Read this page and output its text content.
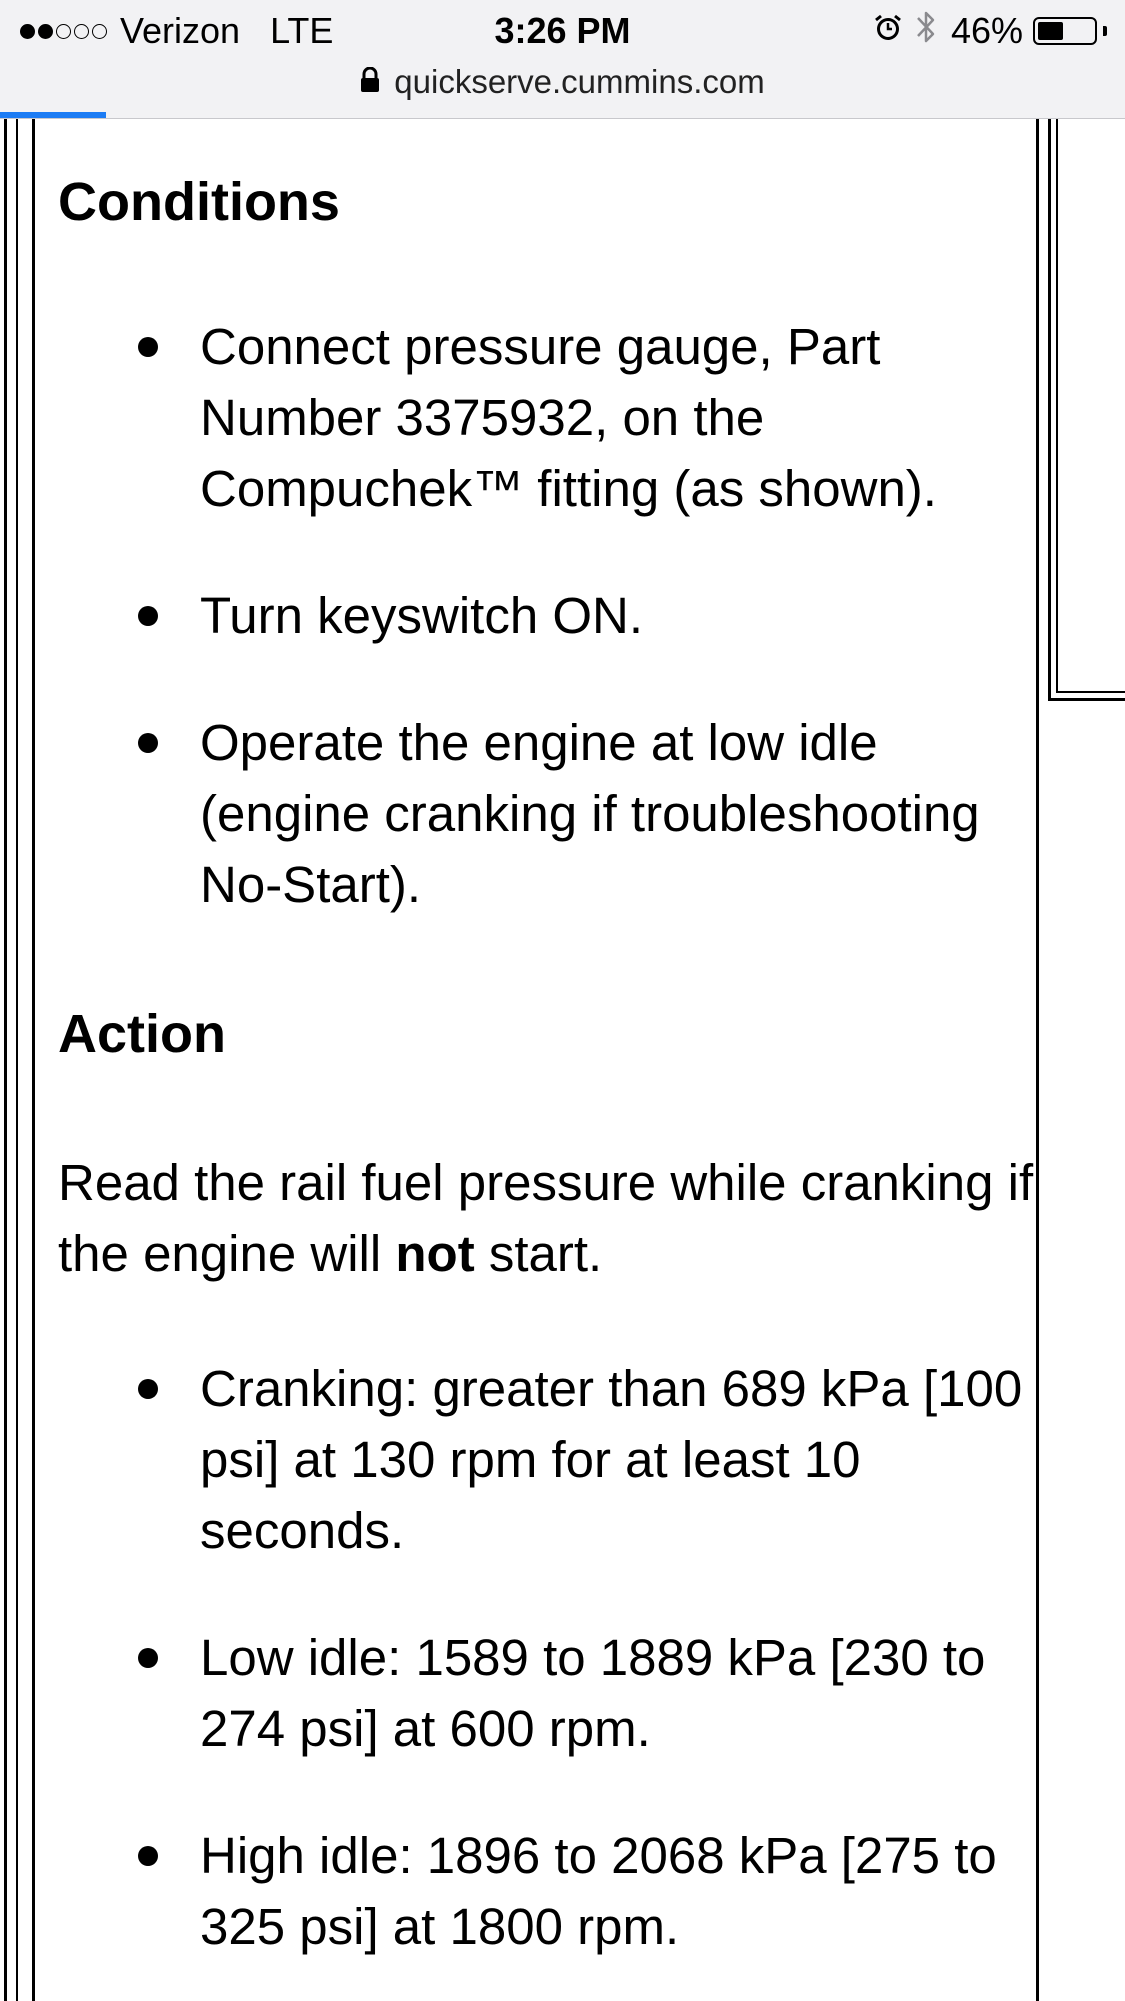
Verizon LTE	3:26 PM	46%
quickserve.cummins.com
Conditions
Connect pressure gauge, Part Number 3375932, on the Compuchek™ fitting (as shown).
Turn keyswitch ON.
Operate the engine at low idle (engine cranking if troubleshooting No-Start).
Action

Read the rail fuel pressure while cranking if the engine will not start.

Cranking: greater than 689 kPa [100 psi] at 130 rpm for at least 10 seconds.
Low idle: 1589 to 1889 kPa [230 to 274 psi] at 600 rpm.
High idle: 1896 to 2068 kPa [275 to 325 psi] at 1800 rpm.
